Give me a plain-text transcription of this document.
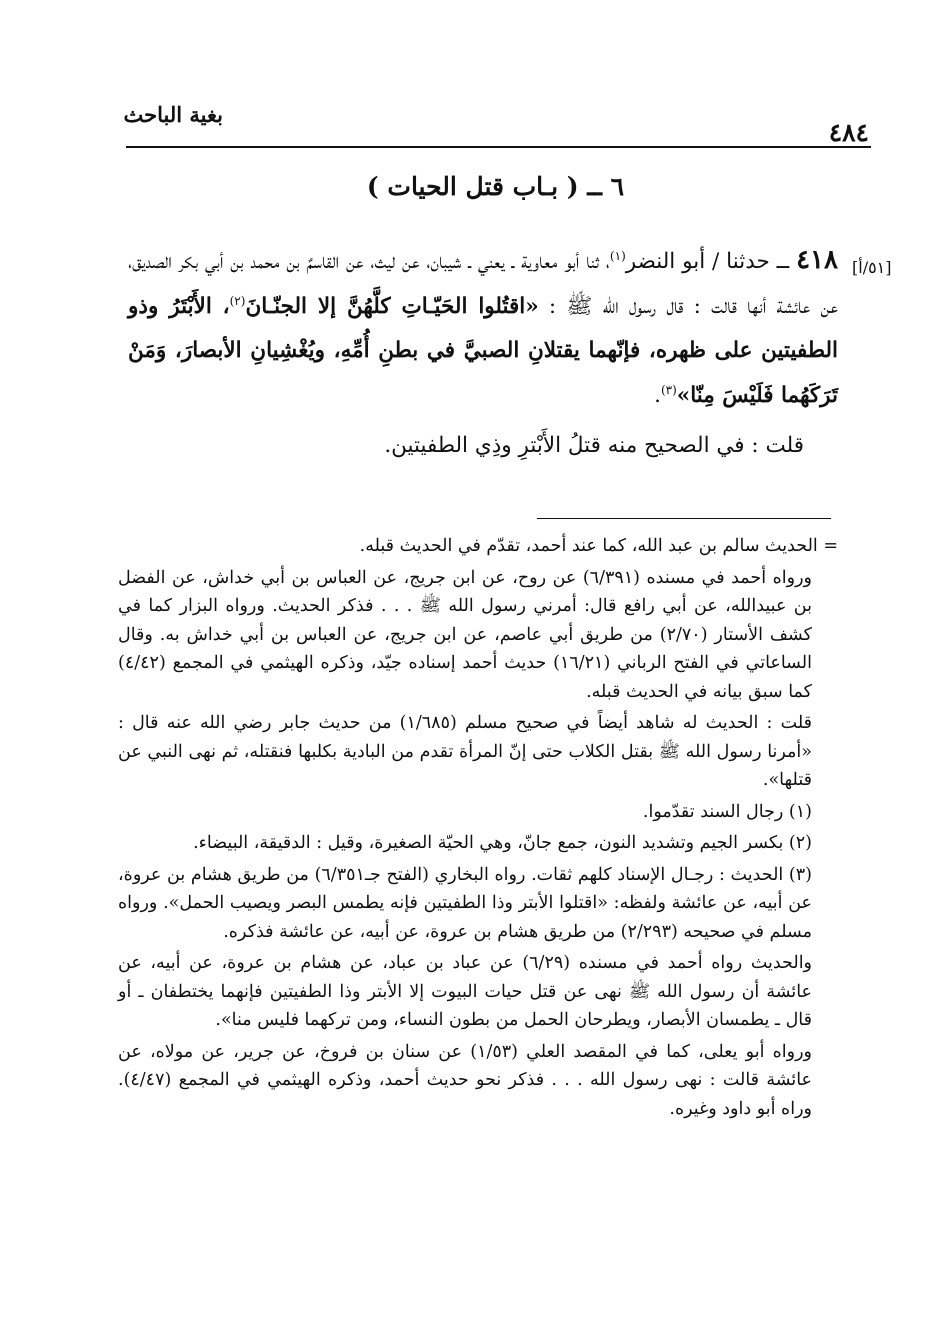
بغية الباحث
٤٨٤
٦ ــ ( بـاب قتل الحيات )
[٥١/أ]

٤١٨ ــ حدثنا / أبو النضر$^{(١)}$، ثنا أبو معاوية ـ يعني ـ شيبان، عن ليث، عن القاسمٌ بن محمد بن أبي بكر الصديق، عن عائشة أنها قالت : قال رسول الله ﷺ : «اقتُلوا الحَيّـاتِ كلَّهُنَّ إلا الجنّـانَ$^{(٢)}$، الأَبْتَرُ وذو الطفيتين على ظهره، فإنّهما يقتلانِ الصبيَّ في بطنِ أُمِّهِ، ويُغْشِيانِ الأبصارَ، وَمَنْ تَرَكَهُما فَلَيْسَ مِنّا»$^{(٣)}$.

قلت : في الصحيح منه قتلُ الأَبْترِ وذِي الطفيتين.

= الحديث سالم بن عبد الله، كما عند أحمد، تقدّم في الحديث قبله.

ورواه أحمد في مسنده (٦/٣٩١) عن روح، عن ابن جريج، عن العباس بن أبي خداش، عن الفضل بن عبيدالله، عن أبي رافع قال: أمرني رسول الله ﷺ . . . فذكر الحديث. ورواه البزار كما في كشف الأستار (٢/٧٠) من طريق أبي عاصم، عن ابن جريج، عن العباس بن أبي خداش به. وقال الساعاتي في الفتح الرباني (١٦/٢١) حديث أحمد إسناده جيّد، وذكره الهيثمي في المجمع (٤/٤٢) كما سبق بيانه في الحديث قبله.

قلت : الحديث له شاهد أيضاً في صحيح مسلم (١/٦٨٥) من حديث جابر رضي الله عنه قال : «أمرنا رسول الله ﷺ بقتل الكلاب حتى إنّ المرأة تقدم من البادية بكلبها فنقتله، ثم نهى النبي عن قتلها».

(١) رجال السند تقدّموا.

(٢) بكسر الجيم وتشديد النون، جمع جانّ، وهي الحيّة الصغيرة، وقيل : الدقيقة، البيضاء.

(٣) الحديث : رجـال الإسناد كلهم ثقات. رواه البخاري (الفتح جـ٦/٣٥١) من طريق هشام بن عروة، عن أبيه، عن عائشة ولفظه: «اقتلوا الأبتر وذا الطفيتين فإنه يطمس البصر ويصيب الحمل». ورواه مسلم في صحيحه (٢/٢٩٣) من طريق هشام بن عروة، عن أبيه، عن عائشة فذكره.

والحديث رواه أحمد في مسنده (٦/٢٩) عن عباد بن عباد، عن هشام بن عروة، عن أبيه، عن عائشة أن رسول الله ﷺ نهى عن قتل حيات البيوت إلا الأبتر وذا الطفيتين فإنهما يختطفان ـ أو قال ـ يطمسان الأبصار، ويطرحان الحمل من بطون النساء، ومن تركهما فليس منا».

ورواه أبو يعلى، كما في المقصد العلي (١/٥٣) عن سنان بن فروخ، عن جرير، عن مولاه، عن عائشة قالت : نهى رسول الله . . . فذكر نحو حديث أحمد، وذكره الهيثمي في المجمع (٤/٤٧). وراه أبو داود وغيره.
